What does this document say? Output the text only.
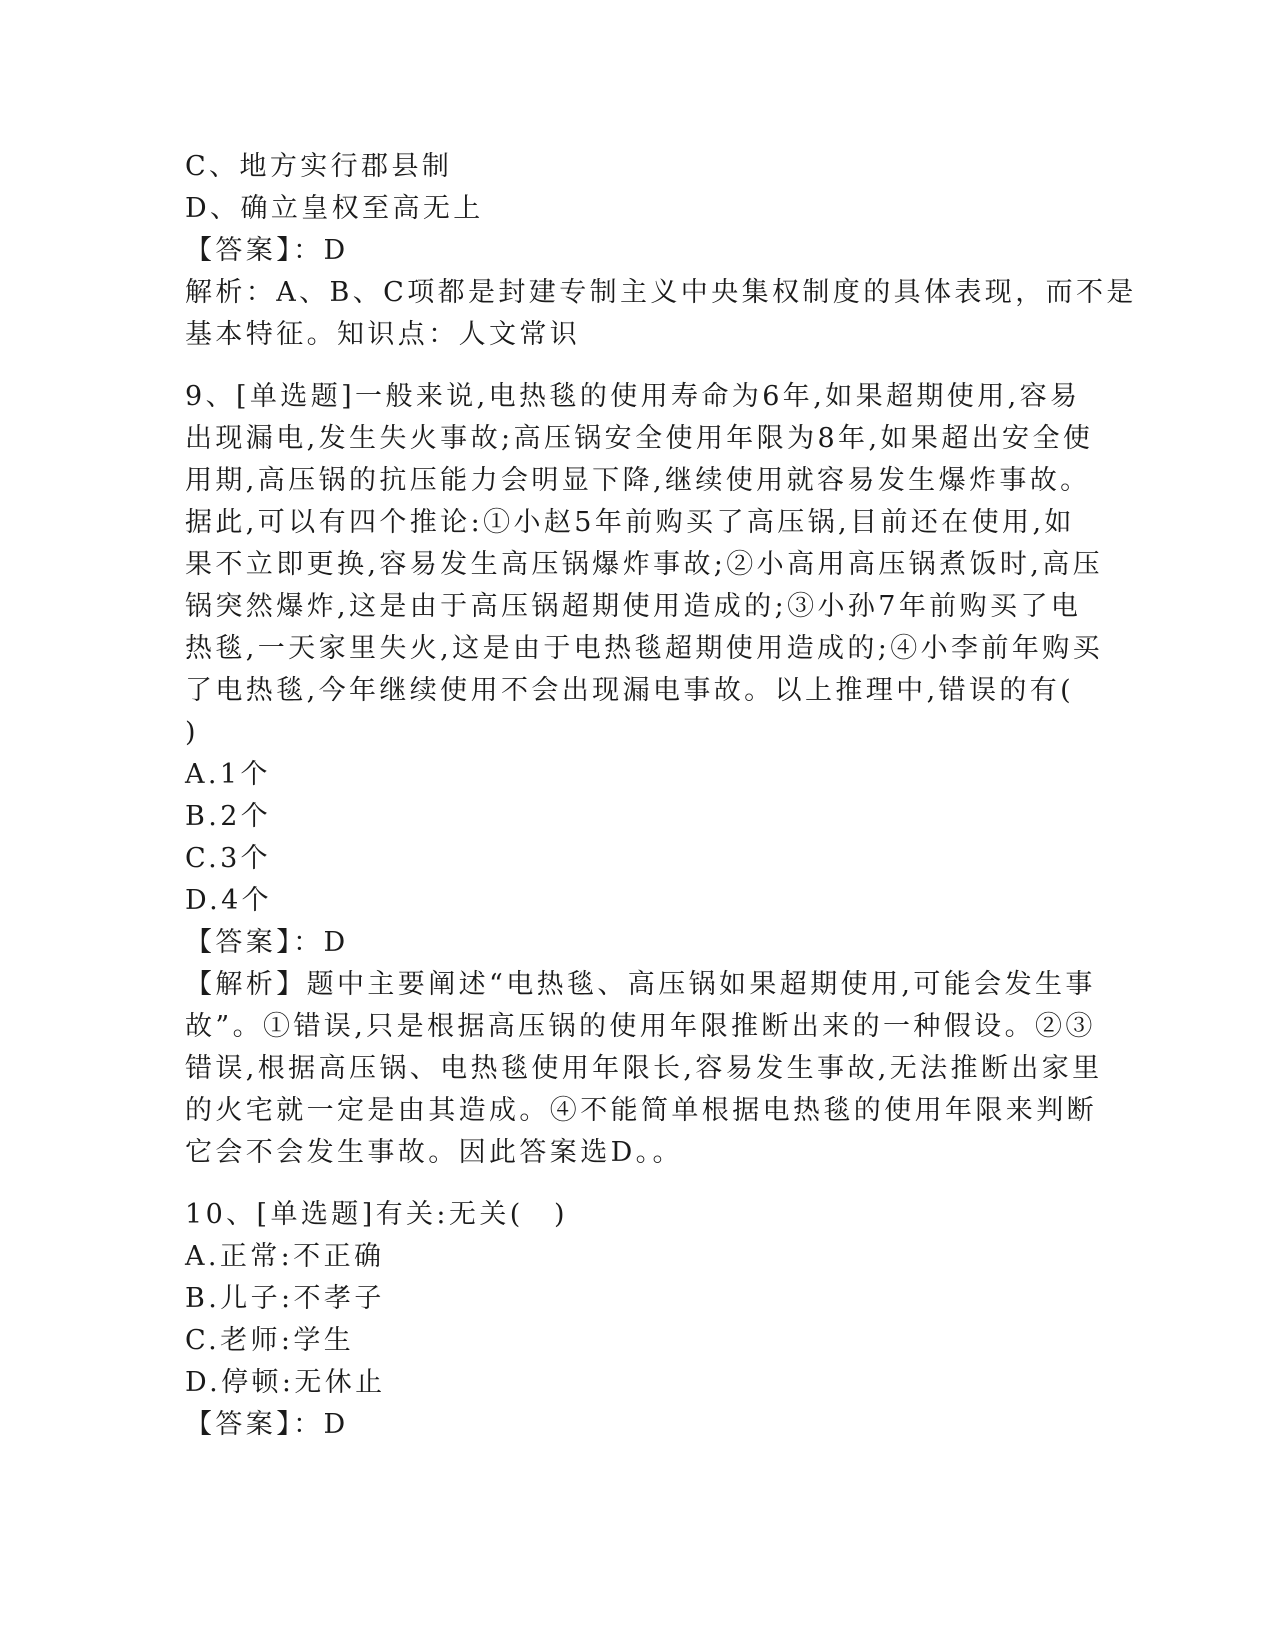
C、地方实行郡县制

D、确立皇权至高无上

【答案】：D

解析：A、B、C项都是封建专制主义中央集权制度的具体表现，而不是

基本特征。知识点：人文常识

9、[单选题]一般来说,电热毯的使用寿命为6年,如果超期使用,容易

出现漏电,发生失火事故;高压锅安全使用年限为8年,如果超出安全使

用期,高压锅的抗压能力会明显下降,继续使用就容易发生爆炸事故。

据此,可以有四个推论:①小赵5年前购买了高压锅,目前还在使用,如

果不立即更换,容易发生高压锅爆炸事故;②小高用高压锅煮饭时,高压

锅突然爆炸,这是由于高压锅超期使用造成的;③小孙7年前购买了电

热毯,一天家里失火,这是由于电热毯超期使用造成的;④小李前年购买

了电热毯,今年继续使用不会出现漏电事故。以上推理中,错误的有(

)

A.1个

B.2个

C.3个

D.4个

【答案】：D

【解析】题中主要阐述“电热毯、高压锅如果超期使用,可能会发生事

故”。①错误,只是根据高压锅的使用年限推断出来的一种假设。②③

错误,根据高压锅、电热毯使用年限长,容易发生事故,无法推断出家里

的火宅就一定是由其造成。④不能简单根据电热毯的使用年限来判断

它会不会发生事故。因此答案选D。。

10、[单选题]有关:无关(　)

A.正常:不正确

B.儿子:不孝子

C.老师:学生

D.停顿:无休止

【答案】：D
